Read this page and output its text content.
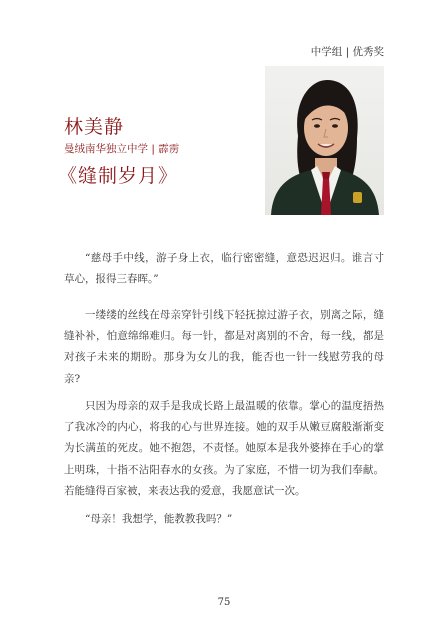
中学组 | 优秀奖
林美静
曼绒南华独立中学 | 霹雳
《缝制岁月》

“慈母手中线，游子身上衣，临行密密缝，意恐迟迟归。谁言寸草心，报得三春晖。”

一缕缕的丝线在母亲穿针引线下轻抚掠过游子衣，别离之际，缝缝补补，怕意绵绵难归。每一针，都是对离别的不舍，每一线，都是对孩子未来的期盼。那身为女儿的我，能否也一针一线慰劳我的母亲?

只因为母亲的双手是我成长路上最温暖的依靠。掌心的温度捂热了我冰冷的内心，将我的心与世界连接。她的双手从嫩豆腐般渐渐变为长满茧的死皮。她不抱怨，不责怪。她原本是我外婆捧在手心的掌上明珠，十指不沾阳春水的女孩。为了家庭，不惜一切为我们奉献。若能缝得百家被，来表达我的爱意，我愿意试一次。

“母亲！我想学，能教教我吗？”

75
